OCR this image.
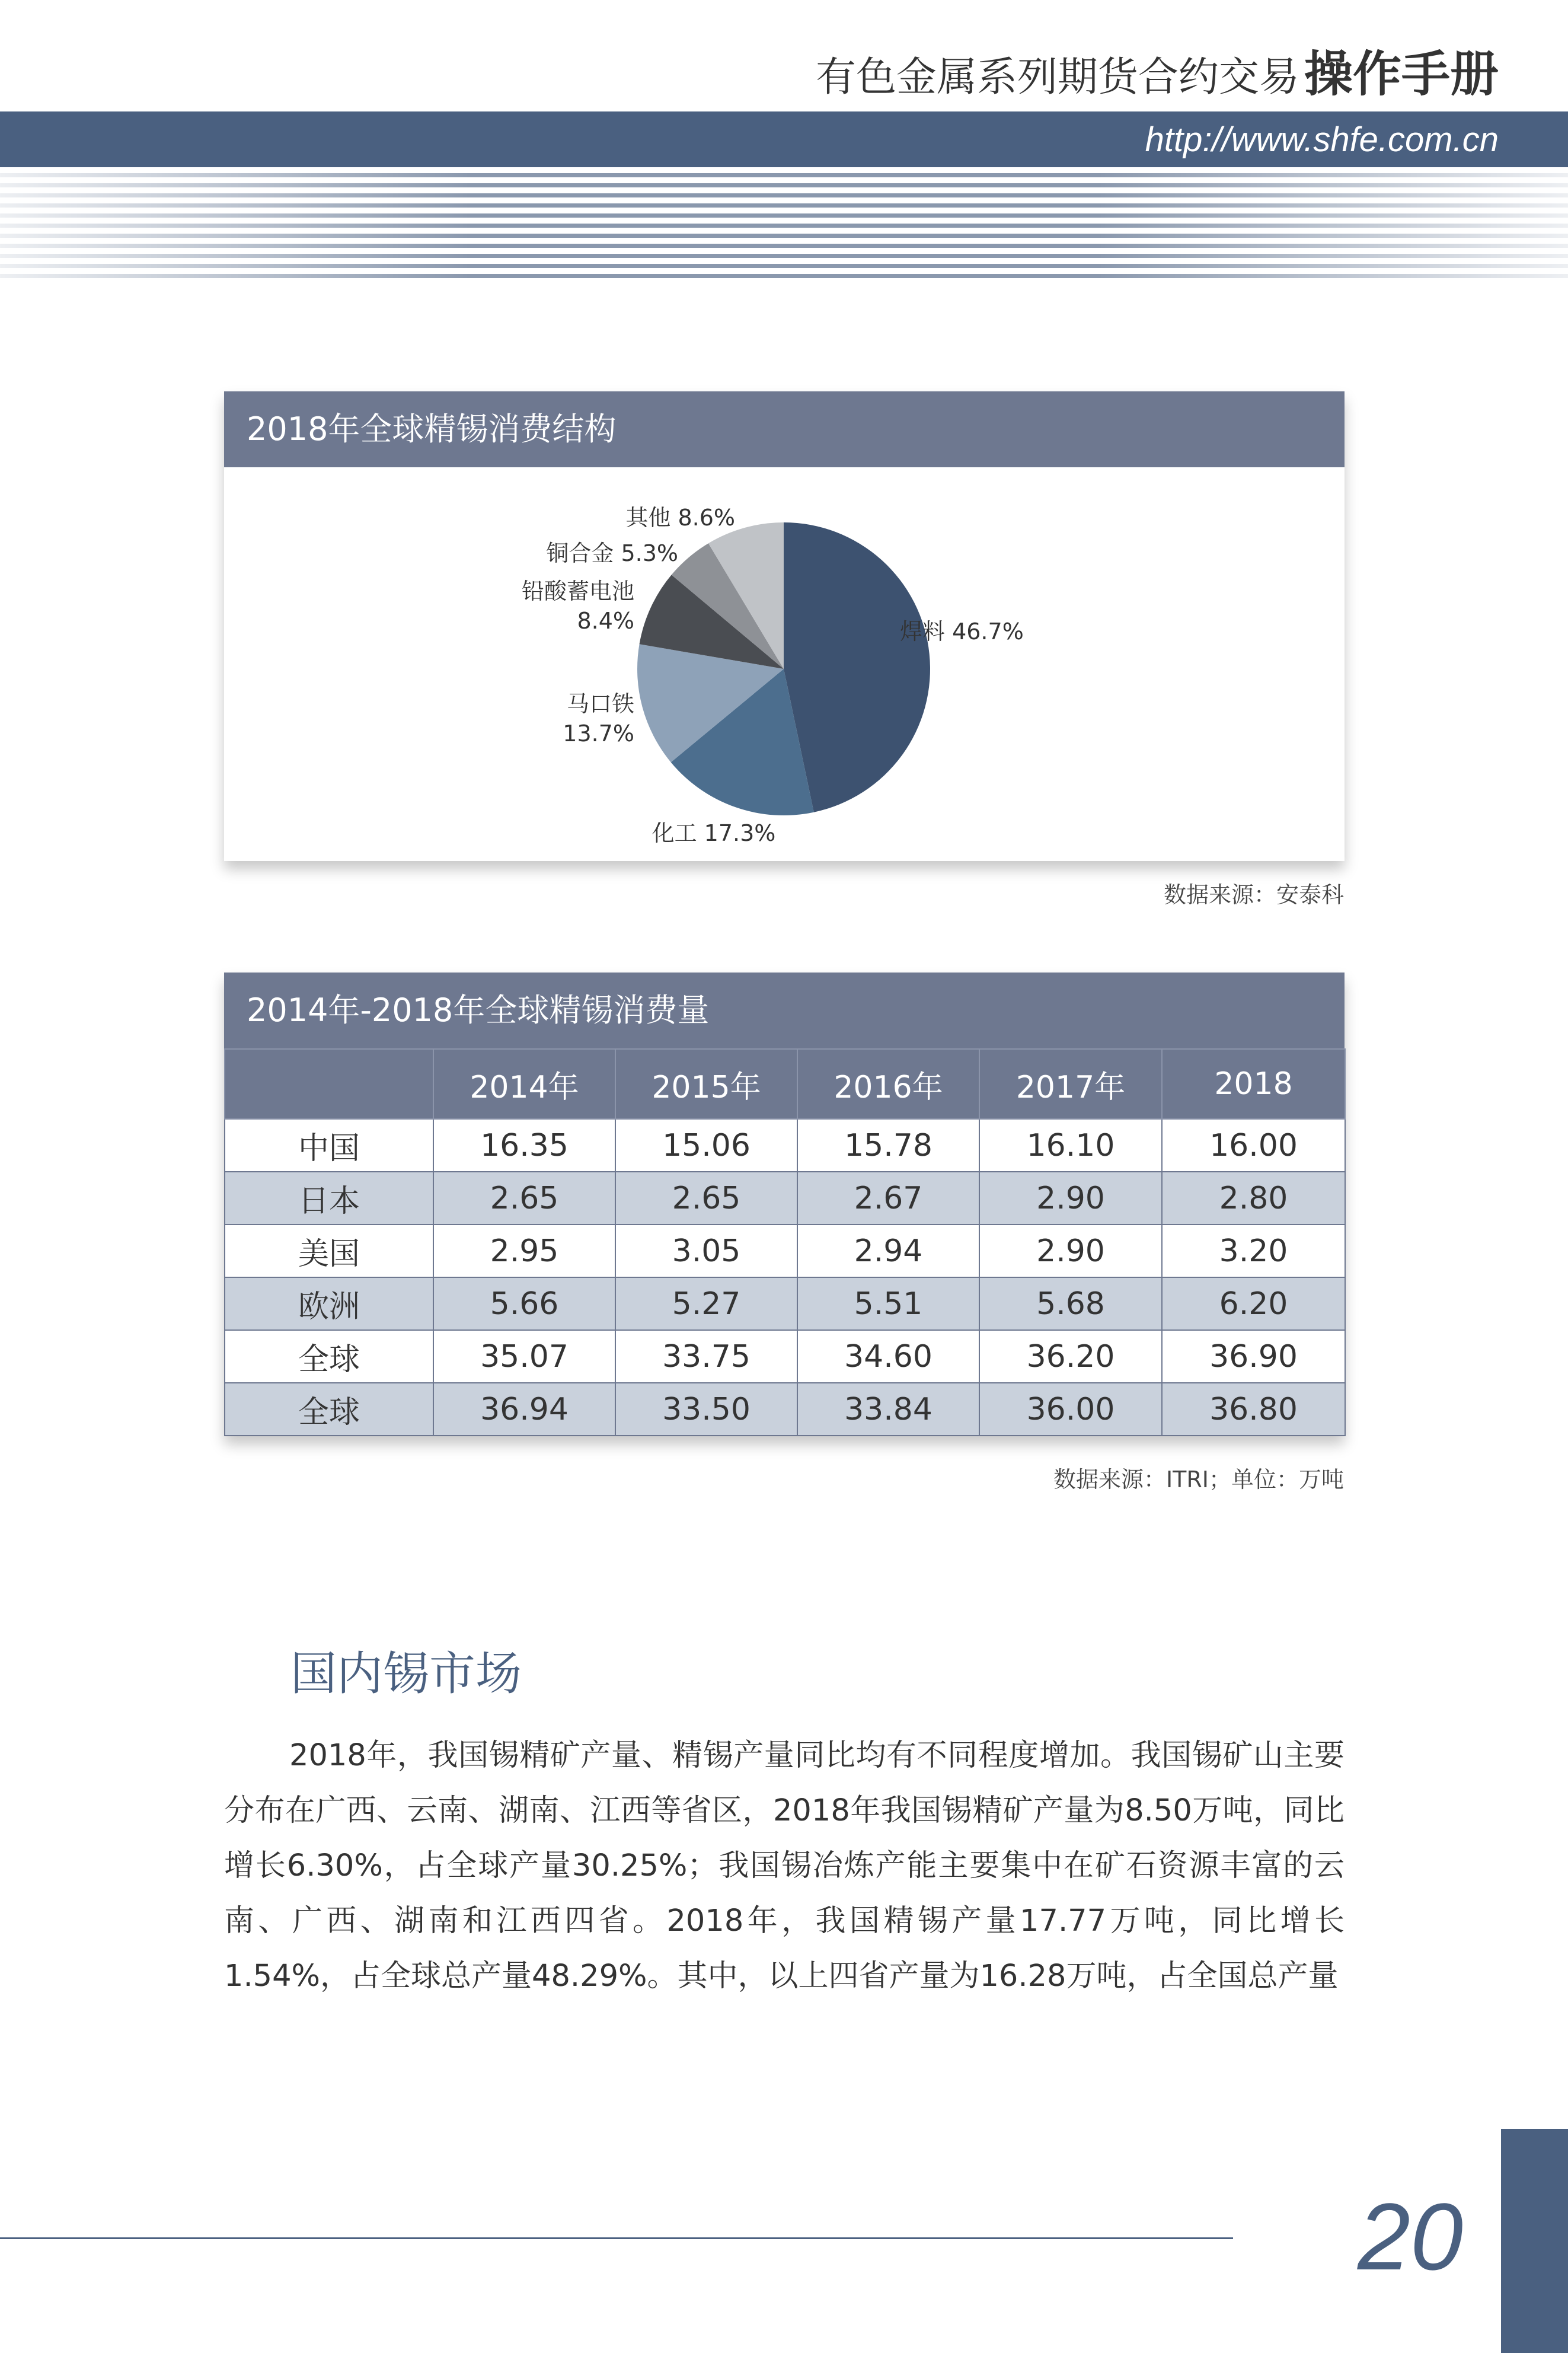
有色金属系列期货合约交易操作手册
http://www.shfe.com.cn
2018年全球精锡消费结构
焊料 46.7%
化工 17.3%
马口铁
13.7%
铅酸蓄电池
8.4%
铜合金 5.3%
其他 8.6%
数据来源：安泰科
2014年-2018年全球精锡消费量
	2014年	2015年	2016年	2017年	2018
中国	16.35	15.06	15.78	16.10	16.00
日本	2.65	2.65	2.67	2.90	2.80
美国	2.95	3.05	2.94	2.90	3.20
欧洲	5.66	5.27	5.51	5.68	6.20
全球	35.07	33.75	34.60	36.20	36.90
全球	36.94	33.50	33.84	36.00	36.80
数据来源：ITRI；单位：万吨
国内锡市场
2018年，我国锡精矿产量、精锡产量同比均有不同程度增加。我国锡矿山主要分布在广西、云南、湖南、江西等省区，2018年我国锡精矿产量为8.50万吨，同比增长6.30%，占全球产量30.25%；我国锡冶炼产能主要集中在矿石资源丰富的云南、广西、湖南和江西四省。2018年，我国精锡产量17.77万吨，同比增长1.54%，占全球总产量48.29%。其中，以上四省产量为16.28万吨，占全国总产量
20
